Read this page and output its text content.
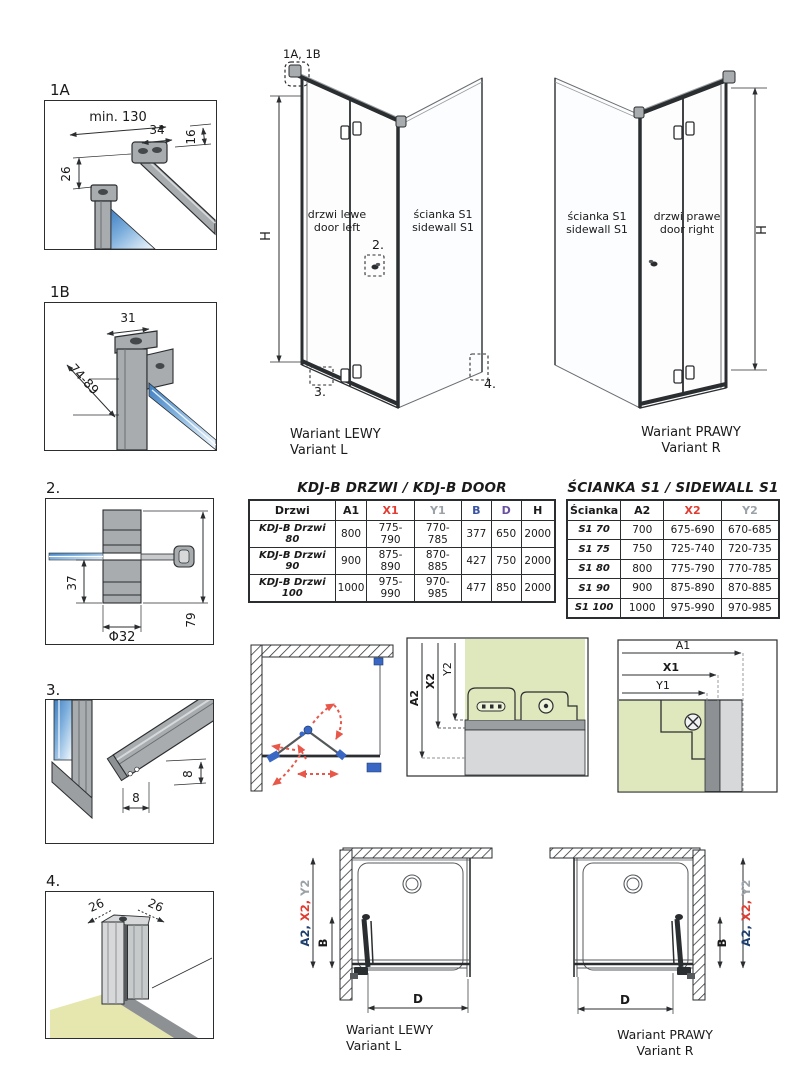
1A
min. 130
34 16
26
1B
31
74-89
2.
37
Φ32
79
3.
8
8
4.
26	26
1A, 1B
H
drzwi lewe
door left
ścianka S1
sidewall S1
2.
3.
4.
Wariant LEWY
Variant L
H
ścianka S1
sidewall S1
drzwi prawe
door right
Wariant PRAWY
Variant R
KDJ-B DRZWI / KDJ-B DOOR
Drzwi	A1	X1	Y1	B	D	H
KDJ-B Drzwi 80	800	775-790	770-785	377	650	2000
KDJ-B Drzwi 90	900	875-890	870-885	427	750	2000
KDJ-B Drzwi 100	1000	975-990	970-985	477	850	2000
ŚCIANKA S1 / SIDEWALL S1
Ścianka	A2	X2	Y2
S1 70	700	675-690	670-685
S1 75	750	725-740	720-735
S1 80	800	775-790	770-785
S1 90	900	875-890	870-885
S1 100	1000	975-990	970-985
A2
X2
Y2
A1
X1
Y1
A2,X2,Y2
B
D
Wariant LEWY
Variant L
A2,X2,Y2
B
D
Wariant PRAWY
Variant R
